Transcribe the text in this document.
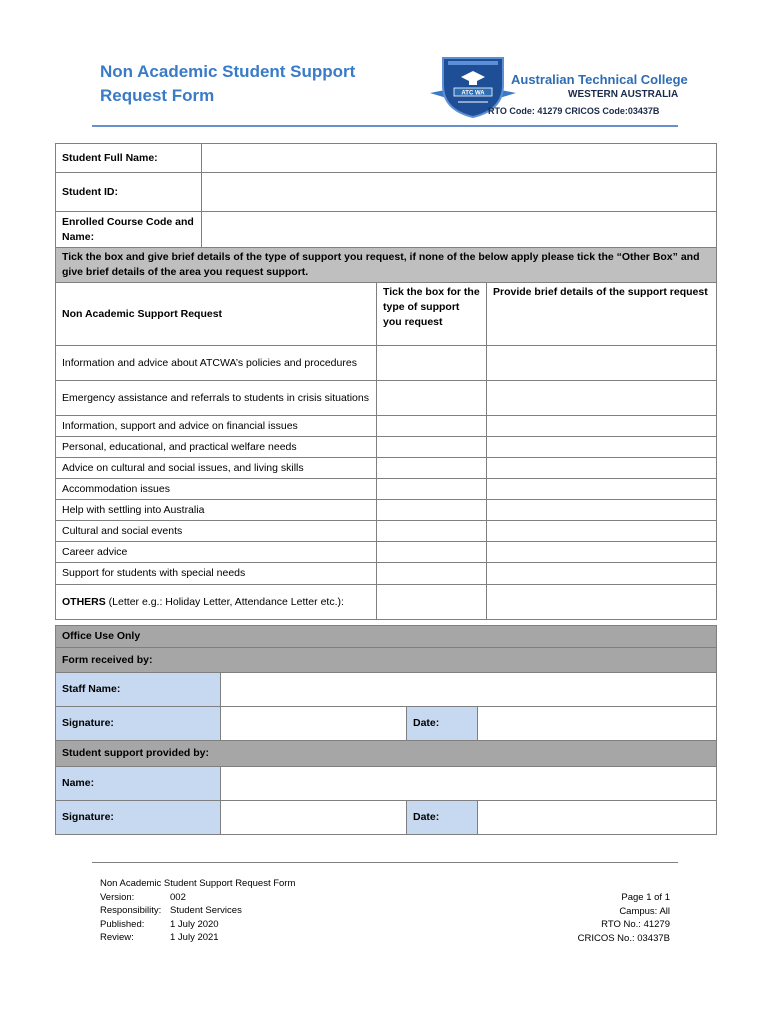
Non Academic Student Support Request Form	ATC WA
Australian Technical College
WESTERN AUSTRALIA
RTO Code: 41279 CRICOS Code:03437B
Student Full Name:			
Student ID:			
Enrolled Course Code and Name:			
Tick the box and give brief details of the type of support you request, if none of the below apply please tick the “Other Box” and give brief details of the area you request support.			
Non Academic Support Request		Tick the box for the type of support you request	Provide brief details of the support request
Information and advice about ATCWA’s policies and procedures			
Emergency assistance and referrals to students in crisis situations			
Information, support and advice on financial issues			
Personal, educational, and practical welfare needs			
Advice on cultural and social issues, and living skills			
Accommodation issues			
Help with settling into Australia			
Cultural and social events			
Career advice			
Support for students with special needs			
OTHERS (Letter e.g.: Holiday Letter, Attendance Letter etc.):			
Office Use Only			
Form received by:			
Staff Name:			
Signature:		Date:	
Student support provided by:			
Name:			
Signature:		Date:	
Non Academic Student Support Request Form
Version:	002
Responsibility: Student Services
Published:	1 July 2020
Review:	1 July 2021
Page 1 of 1
Campus: All
RTO No.: 41279
CRICOS No.: 03437B
